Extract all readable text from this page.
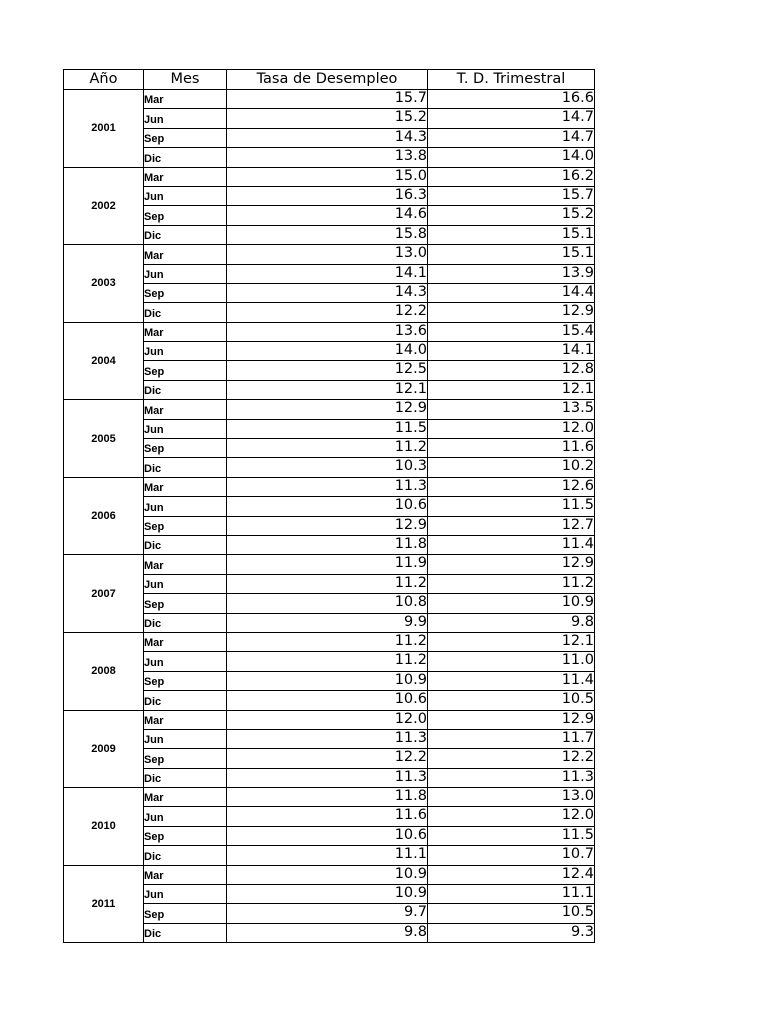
Año	Mes	Tasa de Desempleo	T. D. Trimestral
2001	Mar	15.7	16.6
	Jun	15.2	14.7
	Sep	14.3	14.7
	Dic	13.8	14.0
2002	Mar	15.0	16.2
	Jun	16.3	15.7
	Sep	14.6	15.2
	Dic	15.8	15.1
2003	Mar	13.0	15.1
	Jun	14.1	13.9
	Sep	14.3	14.4
	Dic	12.2	12.9
2004	Mar	13.6	15.4
	Jun	14.0	14.1
	Sep	12.5	12.8
	Dic	12.1	12.1
2005	Mar	12.9	13.5
	Jun	11.5	12.0
	Sep	11.2	11.6
	Dic	10.3	10.2
2006	Mar	11.3	12.6
	Jun	10.6	11.5
	Sep	12.9	12.7
	Dic	11.8	11.4
2007	Mar	11.9	12.9
	Jun	11.2	11.2
	Sep	10.8	10.9
	Dic	9.9	9.8
2008	Mar	11.2	12.1
	Jun	11.2	11.0
	Sep	10.9	11.4
	Dic	10.6	10.5
2009	Mar	12.0	12.9
	Jun	11.3	11.7
	Sep	12.2	12.2
	Dic	11.3	11.3
2010	Mar	11.8	13.0
	Jun	11.6	12.0
	Sep	10.6	11.5
	Dic	11.1	10.7
2011	Mar	10.9	12.4
	Jun	10.9	11.1
	Sep	9.7	10.5
	Dic	9.8	9.3
